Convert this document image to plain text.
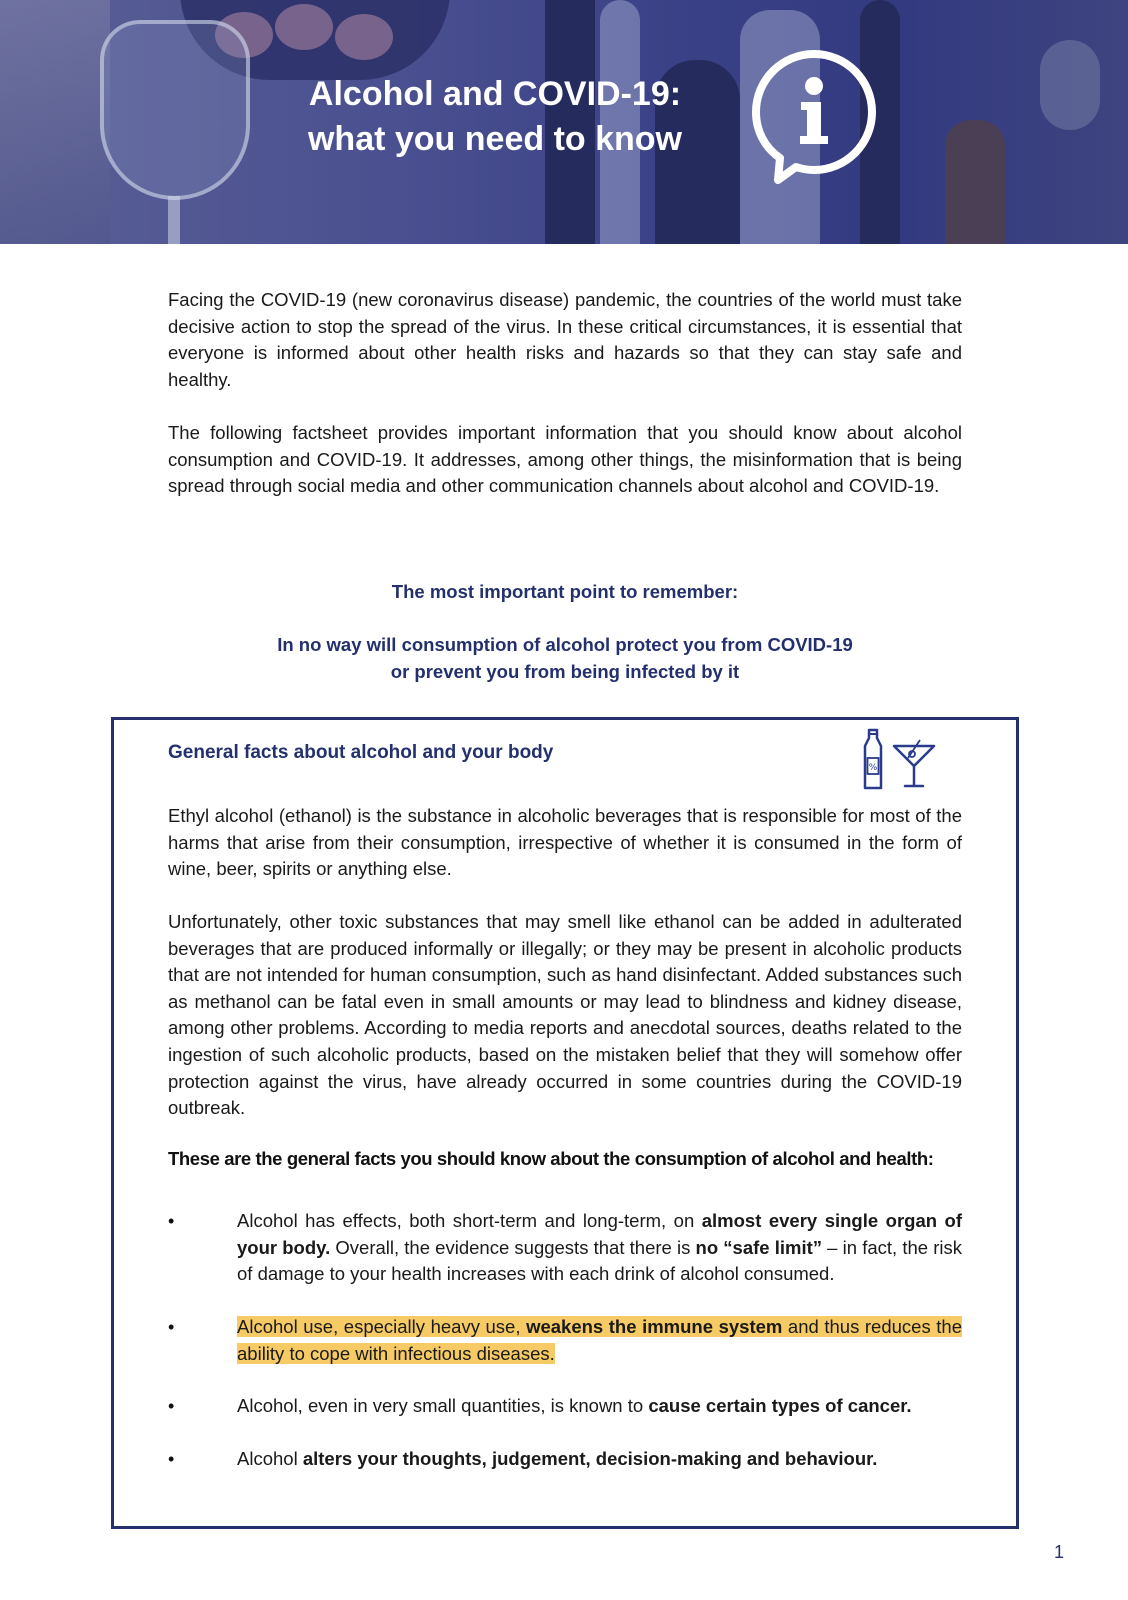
Alcohol and COVID-19:
what you need to know

Facing the COVID-19 (new coronavirus disease) pandemic, the countries of the world must take decisive action to stop the spread of the virus. In these critical circumstances, it is essential that everyone is informed about other health risks and hazards so that they can stay safe and healthy.

The following factsheet provides important information that you should know about alcohol consumption and COVID-19. It addresses, among other things, the misinformation that is being spread through social media and other communication channels about alcohol and COVID-19.

The most important point to remember:
In no way will consumption of alcohol protect you from COVID-19
or prevent you from being infected by it
General facts about alcohol and your body
%

Ethyl alcohol (ethanol) is the substance in alcoholic beverages that is responsible for most of the harms that arise from their consumption, irrespective of whether it is consumed in the form of wine, beer, spirits or anything else.

Unfortunately, other toxic substances that may smell like ethanol can be added in adulterated beverages that are produced informally or illegally; or they may be present in alcoholic products that are not intended for human consumption, such as hand disinfectant. Added substances such as methanol can be fatal even in small amounts or may lead to blindness and kidney disease, among other problems. According to media reports and anecdotal sources, deaths related to the ingestion of such alcoholic products, based on the mistaken belief that they will somehow offer protection against the virus, have already occurred in some countries during the COVID-19 outbreak.

These are the general facts you should know about the consumption of alcohol and health:
•	Alcohol has effects, both short-term and long-term, on almost every single organ of your body. Overall, the evidence suggests that there is no “safe limit” – in fact, the risk of damage to your health increases with each drink of alcohol consumed.

•	Alcohol use, especially heavy use, weakens the immune system and thus reduces the ability to cope with infectious diseases.

•	Alcohol, even in very small quantities, is known to cause certain types of cancer.

•	Alcohol alters your thoughts, judgement, decision-making and behaviour.

1
